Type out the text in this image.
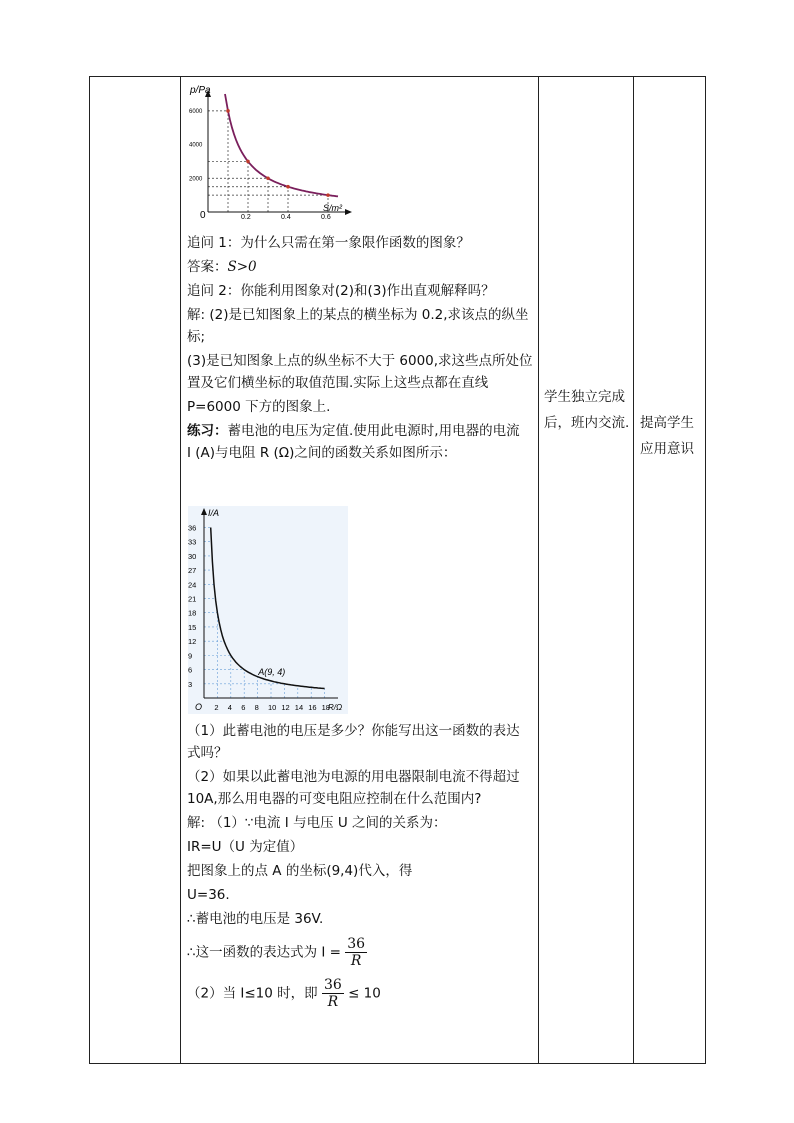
p/Pa
S/m²
0	0.2	0.4	0.6
2000
4000
6000

追问 1：为什么只需在第一象限作函数的图象？

答案：S>0

追问 2：你能利用图象对(2)和(3)作出直观解释吗？

解: (2)是已知图象上的某点的横坐标为 0.2,求该点的纵坐标;

(3)是已知图象上点的纵坐标不大于 6000,求这些点所处位置及它们横坐标的取值范围.实际上这些点都在直线

P=6000 下方的图象上.

练习：蓄电池的电压为定值.使用此电源时,用电器的电流

I (A)与电阻 R (Ω)之间的函数关系如图所示：

I/A
R/Ω
O
3
6
9
12
15
18
21
24
27
30
33
36
2 4 6 8 10 12 14 16 18
A(9, 4)

（1）此蓄电池的电压是多少？你能写出这一函数的表达式吗？

（2）如果以此蓄电池为电源的用电器限制电流不得超过 10A,那么用电器的可变电阻应控制在什么范围内?

解: （1）∵电流 I 与电压 U 之间的关系为：

IR=U（U 为定值）

把图象上的点 A 的坐标(9,4)代入，得

U=36.

∴蓄电池的电压是 36V.

∴这一函数的表达式为 $I = \frac{36}{R}$

（2）当 I≤10 时，即 $\frac{36}{R} \le 10$

学生独立完成后，班内交流. 提高学生应用意识
